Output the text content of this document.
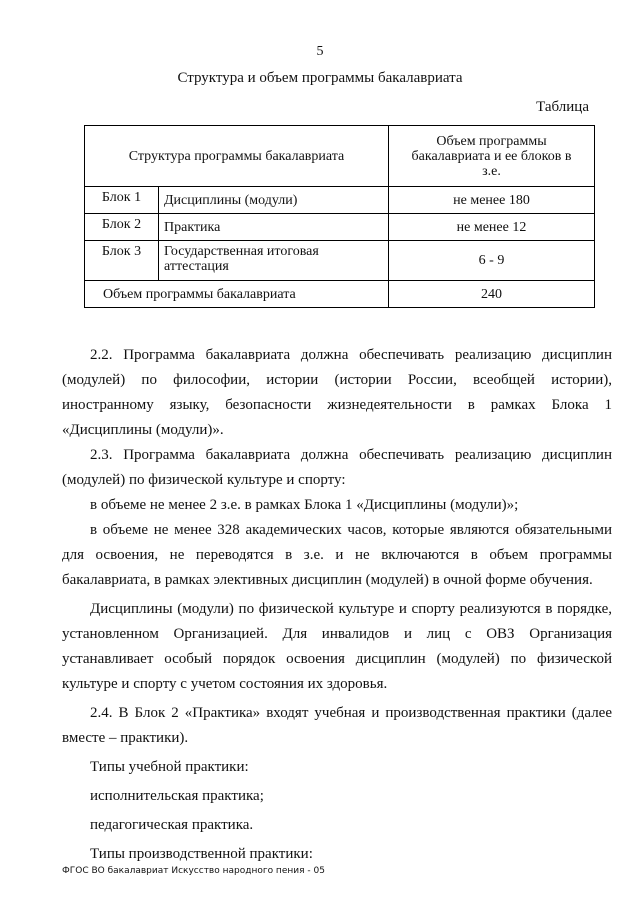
5
Структура и объем программы бакалавриата
Таблица
Структура программы бакалавриата		Объем программы бакалавриата и ее блоков в з.е.
Блок 1	Дисциплины (модули)	не менее 180
Блок 2	Практика	не менее 12
Блок 3	Государственная итоговая аттестация	6 - 9
Объем программы бакалавриата		240

2.2. Программа бакалавриата должна обеспечивать реализацию дисциплин (модулей) по философии, истории (истории России, всеобщей истории), иностранному языку, безопасности жизнедеятельности в рамках Блока 1 «Дисциплины (модули)».

2.3. Программа бакалавриата должна обеспечивать реализацию дисциплин (модулей) по физической культуре и спорту:

в объеме не менее 2 з.е. в рамках Блока 1 «Дисциплины (модули)»;

в объеме не менее 328 академических часов, которые являются обязательными для освоения, не переводятся в з.е. и не включаются в объем программы бакалавриата, в рамках элективных дисциплин (модулей) в очной форме обучения.

Дисциплины (модули) по физической культуре и спорту реализуются в порядке, установленном Организацией. Для инвалидов и лиц с ОВЗ Организация устанавливает особый порядок освоения дисциплин (модулей) по физической культуре и спорту с учетом состояния их здоровья.

2.4. В Блок 2 «Практика» входят учебная и производственная практики (далее вместе – практики).

Типы учебной практики:

исполнительская практика;

педагогическая практика.

Типы производственной практики:

ФГОС ВО бакалавриат Искусство народного пения - 05
